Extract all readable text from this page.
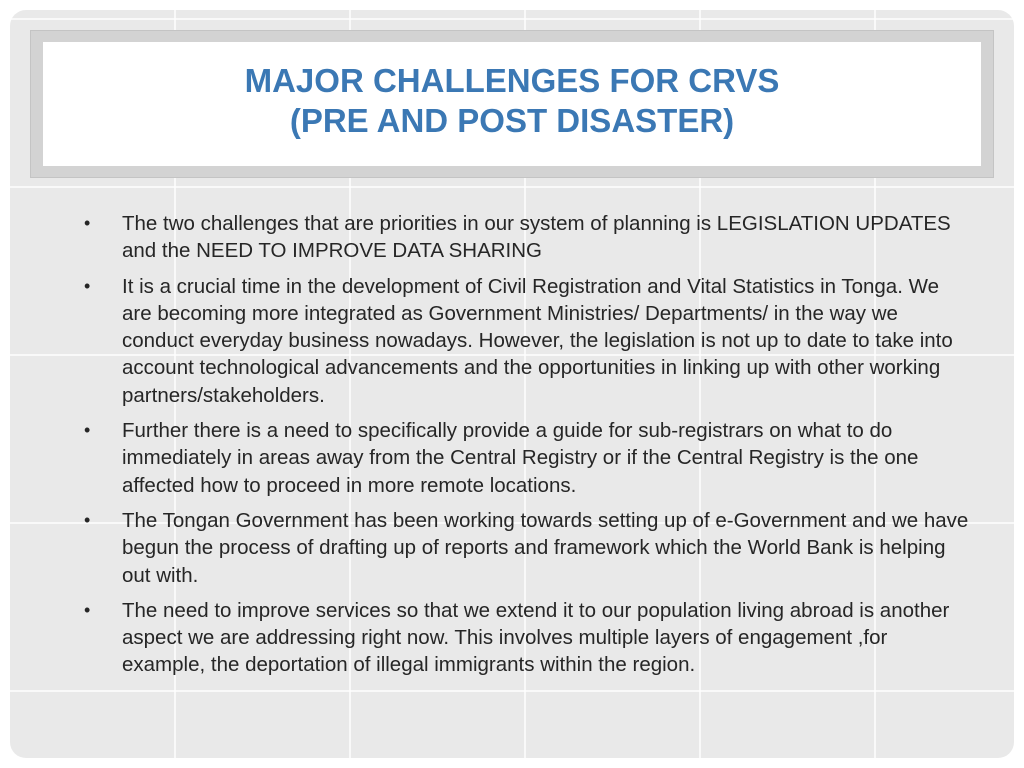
MAJOR CHALLENGES FOR CRVS
(PRE AND POST DISASTER)
•	The two challenges that are priorities in our system of planning is LEGISLATION UPDATES and the NEED TO IMPROVE DATA SHARING
•	It is a crucial time in the development of Civil Registration and Vital Statistics in Tonga. We are becoming more integrated as Government Ministries/ Departments/ in the way we conduct everyday business nowadays. However, the legislation is not up to date to take into account technological advancements and the opportunities in linking up with other working partners/stakeholders.
•	Further there is a need to specifically provide a guide for sub-registrars on what to do immediately in areas away from the Central Registry or if the Central Registry is the one affected how to proceed in more remote locations.
•	The Tongan Government has been working towards setting up of e-Government and we have begun the process of drafting up of reports and framework which the World Bank is helping out with.
•	The need to improve services so that we extend it to our population living abroad is another aspect we are addressing right now. This involves multiple layers of engagement ,for example, the deportation of illegal immigrants within the region.
